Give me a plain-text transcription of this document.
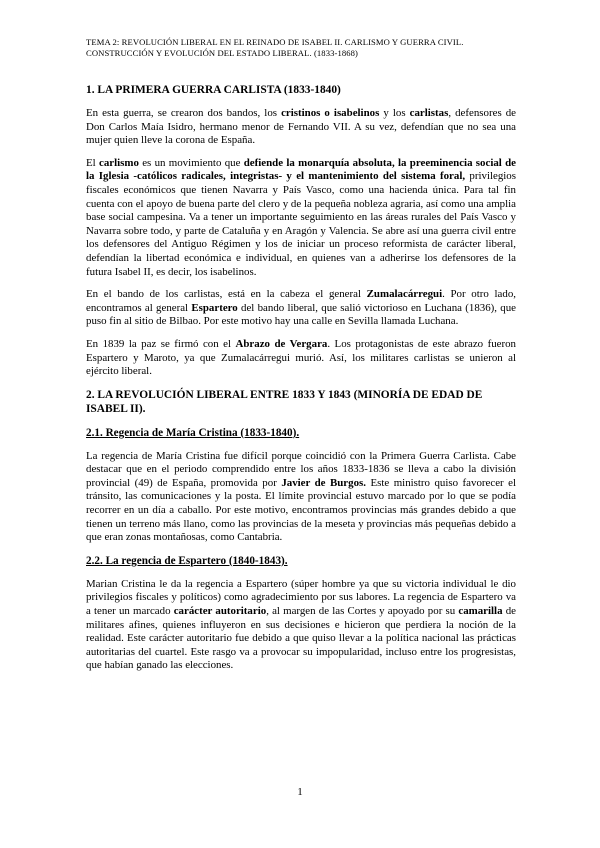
TEMA 2: REVOLUCIÓN LIBERAL EN EL REINADO DE ISABEL II. CARLISMO Y GUERRA CIVIL.
CONSTRUCCIÓN Y EVOLUCIÓN DEL ESTADO LIBERAL. (1833-1868)
1. LA PRIMERA GUERRA CARLISTA (1833-1840)

En esta guerra, se crearon dos bandos, los cristinos o isabelinos y los carlistas, defensores de Don Carlos Maía Isidro, hermano menor de Fernando VII. A su vez, defendían que no sea una mujer quien lleve la corona de España.

El carlismo es un movimiento que defiende la monarquía absoluta, la preeminencia social de la Iglesia -católicos radicales, integristas- y el mantenimiento del sistema foral, privilegios fiscales económicos que tienen Navarra y País Vasco, como una hacienda única. Para tal fin cuenta con el apoyo de buena parte del clero y de la pequeña nobleza agraria, así como una amplia base social campesina. Va a tener un importante seguimiento en las áreas rurales del País Vasco y Navarra sobre todo, y parte de Cataluña y en Aragón y Valencia. Se abre así una guerra civil entre los defensores del Antiguo Régimen y los de iniciar un proceso reformista de carácter liberal, defendían la libertad económica e individual, en quienes van a adherirse los defensores de la futura Isabel II, es decir, los isabelinos.

En el bando de los carlistas, está en la cabeza el general Zumalacárregui. Por otro lado, encontramos al general Espartero del bando liberal, que salió victorioso en Luchana (1836), que puso fin al sitio de Bilbao. Por este motivo hay una calle en Sevilla llamada Luchana.

En 1839 la paz se firmó con el Abrazo de Vergara. Los protagonistas de este abrazo fueron Espartero y Maroto, ya que Zumalacárregui murió. Así, los militares carlistas se unieron al ejército liberal.

2. LA REVOLUCIÓN LIBERAL ENTRE 1833 Y 1843 (MINORÍA DE EDAD DE ISABEL II).
2.1. Regencia de María Cristina (1833-1840).

La regencia de María Cristina fue difícil porque coincidió con la Primera Guerra Carlista. Cabe destacar que en el periodo comprendido entre los años 1833-1836 se lleva a cabo la división provincial (49) de España, promovida por Javier de Burgos. Este ministro quiso favorecer el tránsito, las comunicaciones y la posta. El límite provincial estuvo marcado por lo que se podía recorrer en un día a caballo. Por este motivo, encontramos provincias más grandes debido a que tienen un terreno más llano, como las provincias de la meseta y provincias más pequeñas debido a que eran zonas montañosas, como Cantabria.

2.2. La regencia de Espartero (1840-1843).

Marian Cristina le da la regencia a Espartero (súper hombre ya que su victoria individual le dio privilegios fiscales y políticos) como agradecimiento por sus labores. La regencia de Espartero va a tener un marcado carácter autoritario, al margen de las Cortes y apoyado por su camarilla de militares afines, quienes influyeron en sus decisiones e hicieron que perdiera la noción de la realidad. Este carácter autoritario fue debido a que quiso llevar a la política nacional las prácticas autoritarias del cuartel. Este rasgo va a provocar su impopularidad, incluso entre los progresistas, que habían ganado las elecciones.

1
